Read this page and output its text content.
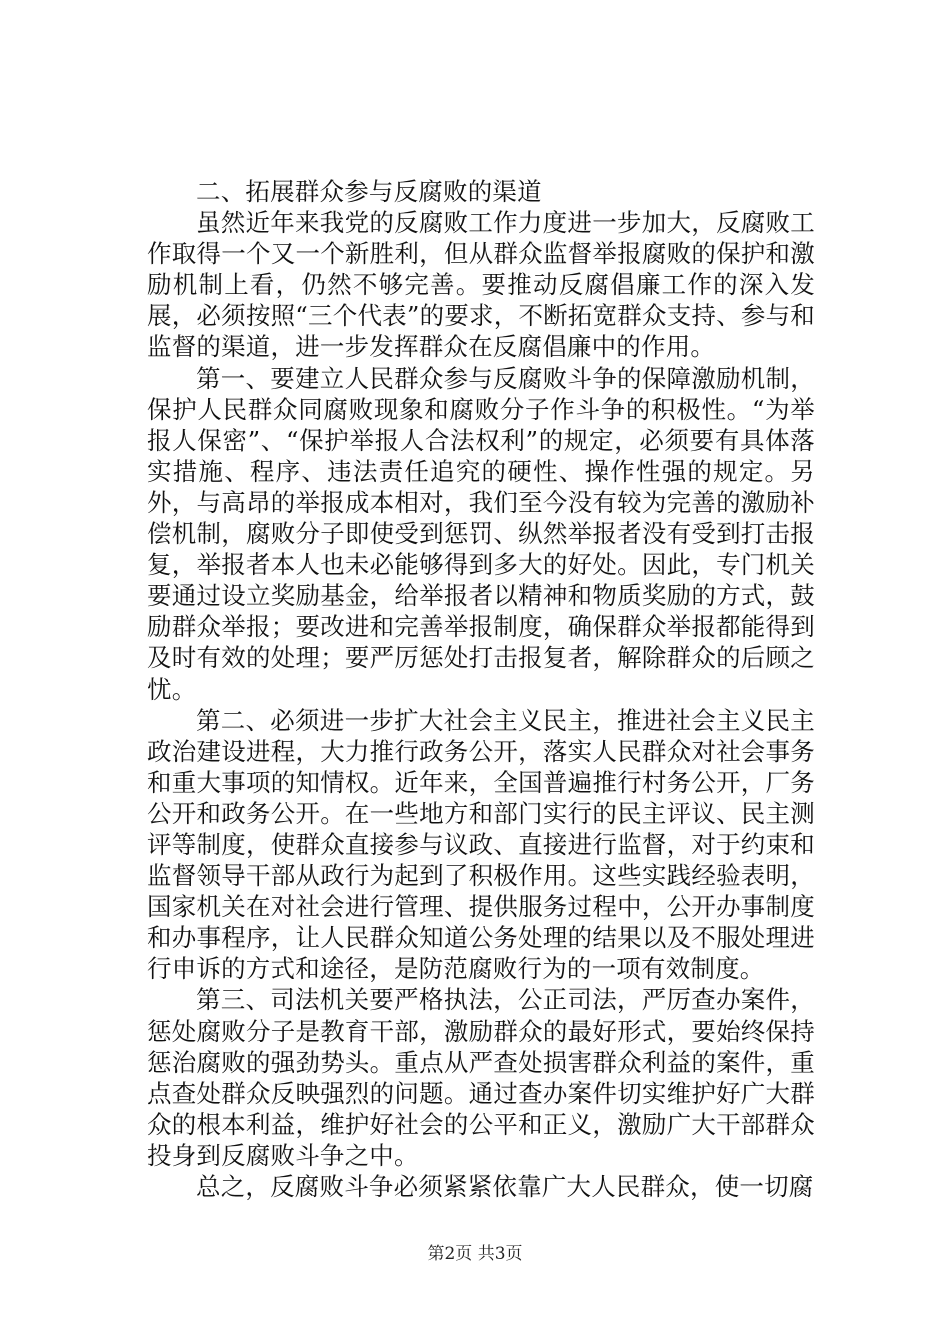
二、拓展群众参与反腐败的渠道

虽然近年来我党的反腐败工作力度进一步加大，反腐败工作取得一个又一个新胜利，但从群众监督举报腐败的保护和激励机制上看，仍然不够完善。要推动反腐倡廉工作的深入发展，必须按照“三个代表”的要求，不断拓宽群众支持、参与和监督的渠道，进一步发挥群众在反腐倡廉中的作用。

第一、要建立人民群众参与反腐败斗争的保障激励机制，保护人民群众同腐败现象和腐败分子作斗争的积极性。“为举报人保密”、“保护举报人合法权利”的规定，必须要有具体落实措施、程序、违法责任追究的硬性、操作性强的规定。另外，与高昂的举报成本相对，我们至今没有较为完善的激励补偿机制，腐败分子即使受到惩罚、纵然举报者没有受到打击报复，举报者本人也未必能够得到多大的好处。因此，专门机关要通过设立奖励基金，给举报者以精神和物质奖励的方式，鼓励群众举报；要改进和完善举报制度，确保群众举报都能得到及时有效的处理；要严厉惩处打击报复者，解除群众的后顾之忧。

第二、必须进一步扩大社会主义民主，推进社会主义民主政治建设进程，大力推行政务公开，落实人民群众对社会事务和重大事项的知情权。近年来，全国普遍推行村务公开，厂务公开和政务公开。在一些地方和部门实行的民主评议、民主测评等制度，使群众直接参与议政、直接进行监督，对于约束和监督领导干部从政行为起到了积极作用。这些实践经验表明，国家机关在对社会进行管理、提供服务过程中，公开办事制度和办事程序，让人民群众知道公务处理的结果以及不服处理进行申诉的方式和途径，是防范腐败行为的一项有效制度。

第三、司法机关要严格执法，公正司法，严厉查办案件，惩处腐败分子是教育干部，激励群众的最好形式，要始终保持惩治腐败的强劲势头。重点从严查处损害群众利益的案件，重点查处群众反映强烈的问题。通过查办案件切实维护好广大群众的根本利益，维护好社会的公平和正义，激励广大干部群众投身到反腐败斗争之中。

总之，反腐败斗争必须紧紧依靠广大人民群众，使一切腐

第2页 共3页
